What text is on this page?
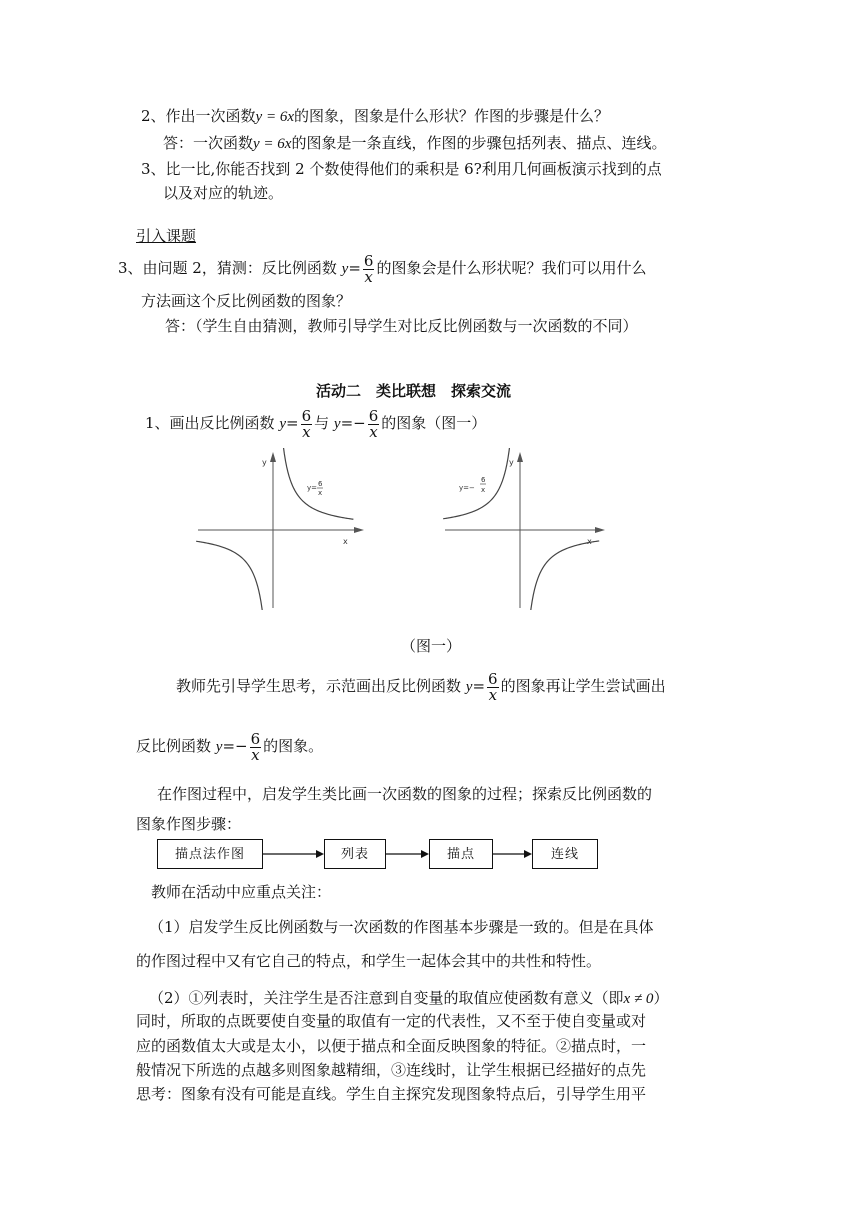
2、作出一次函数y = 6x的图象，图象是什么形状？作图的步骤是什么？
答：一次函数y = 6x的图象是一条直线，作图的步骤包括列表、描点、连线。
3、比一比,你能否找到 2 个数使得他们的乘积是 6?利用几何画板演示找到的点
以及对应的轨迹。
引入课题
3、由问题 2，猜测：反比例函数 $y= \frac{6}{x}$ 的图象会是什么形状呢？我们可以用什么
方法画这个反比例函数的图象？
答：（学生自由猜测，教师引导学生对比反比例函数与一次函数的不同）
活动二　类比联想　探索交流
1、画出反比例函数 $y= \frac{6}{x}$ 与 $y=- \frac{6}{x}$ 的图象（图一）
y
x
y= 6
x
y
x
y=−
6
x
（图一）
教师先引导学生思考，示范画出反比例函数 $y= \frac{6}{x}$ 的图象再让学生尝试画出
反比例函数 $y=- \frac{6}{x}$ 的图象。
在作图过程中，启发学生类比画一次函数的图象的过程；探索反比例函数的
图象作图步骤：
描点法作图	列表	描点	连线
教师在活动中应重点关注：
（1）启发学生反比例函数与一次函数的作图基本步骤是一致的。但是在具体
的作图过程中又有它自己的特点，和学生一起体会其中的共性和特性。
（2）①列表时，关注学生是否注意到自变量的取值应使函数有意义（即x ≠ 0）
同时，所取的点既要使自变量的取值有一定的代表性，又不至于使自变量或对
应的函数值太大或是太小，以便于描点和全面反映图象的特征。②描点时，一
般情况下所选的点越多则图象越精细，③连线时，让学生根据已经描好的点先
思考：图象有没有可能是直线。学生自主探究发现图象特点后，引导学生用平
